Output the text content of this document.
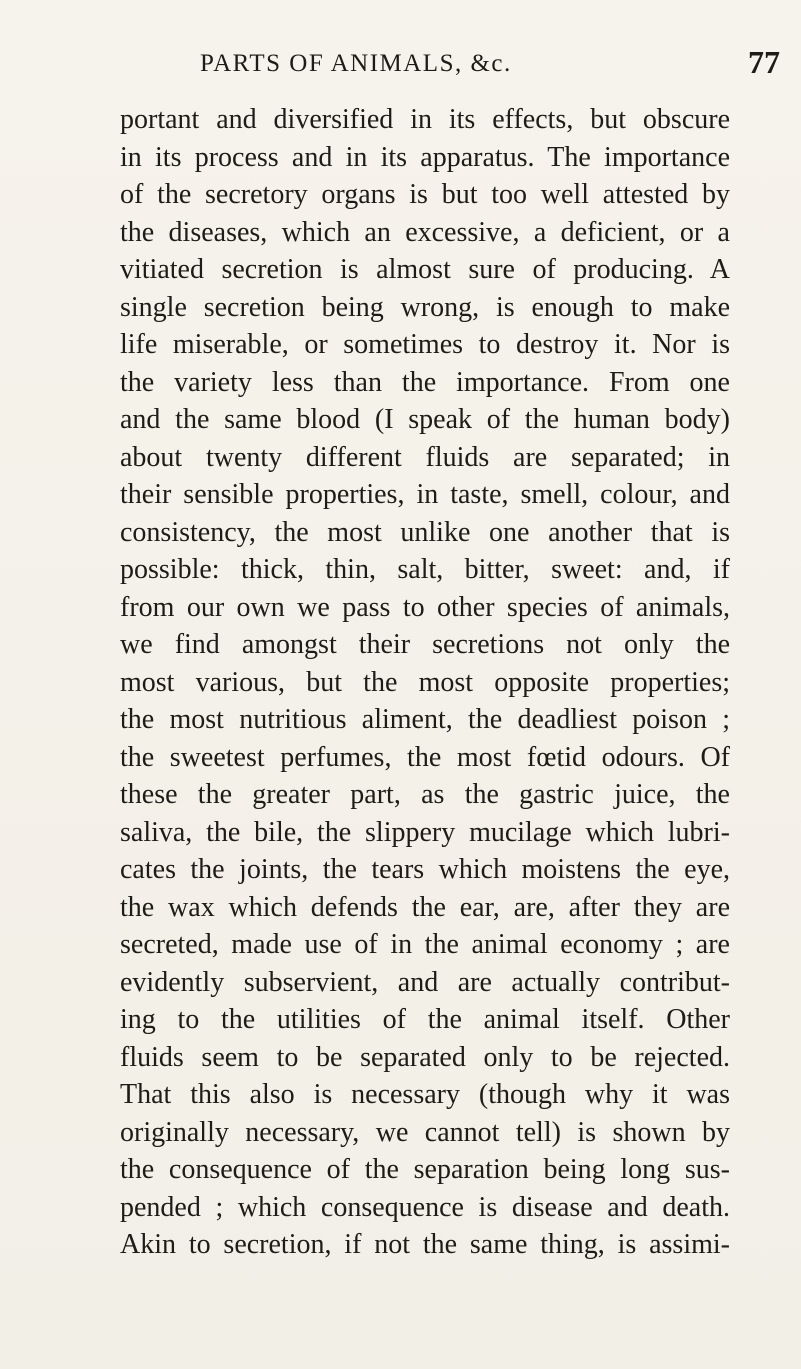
PARTS OF ANIMALS, &c.	77
portant and diversified in its effects, but obscure
in its process and in its apparatus. The importance
of the secretory organs is but too well attested by
the diseases, which an excessive, a deficient, or a
vitiated secretion is almost sure of producing. A
single secretion being wrong, is enough to make
life miserable, or sometimes to destroy it. Nor is
the variety less than the importance. From one
and the same blood (I speak of the human body)
about twenty different fluids are separated; in
their sensible properties, in taste, smell, colour, and
consistency, the most unlike one another that is
possible: thick, thin, salt, bitter, sweet: and, if
from our own we pass to other species of animals,
we find amongst their secretions not only the
most various, but the most opposite properties;
the most nutritious aliment, the deadliest poison ;
the sweetest perfumes, the most fœtid odours. Of
these the greater part, as the gastric juice, the
saliva, the bile, the slippery mucilage which lubri-
cates the joints, the tears which moistens the eye,
the wax which defends the ear, are, after they are
secreted, made use of in the animal economy ; are
evidently subservient, and are actually contribut-
ing to the utilities of the animal itself. Other
fluids seem to be separated only to be rejected.
That this also is necessary (though why it was
originally necessary, we cannot tell) is shown by
the consequence of the separation being long sus-
pended ; which consequence is disease and death.
Akin to secretion, if not the same thing, is assimi-
